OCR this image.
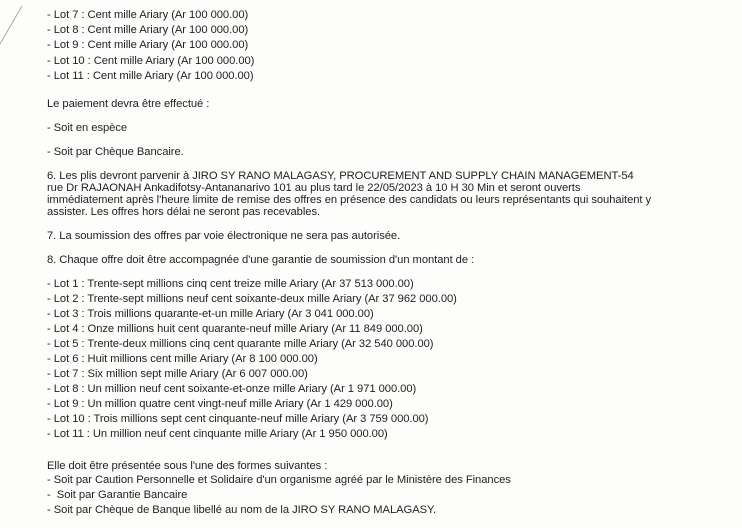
- Lot 7 : Cent mille Ariary (Ar 100 000.00)
- Lot 8 : Cent mille Ariary (Ar 100 000.00)
- Lot 9 : Cent mille Ariary (Ar 100 000.00)
- Lot 10 : Cent mille Ariary (Ar 100 000.00)
- Lot 11 : Cent mille Ariary (Ar 100 000.00)
Le paiement devra être effectué :
- Soit en espèce
- Soit par Chèque Bancaire.
6. Les plis devront parvenir à JIRO SY RANO MALAGASY, PROCUREMENT AND SUPPLY CHAIN MANAGEMENT-54
rue Dr RAJAONAH Ankadifotsy-Antananarivo 101 au plus tard le 22/05/2023 à 10 H 30 Min et seront ouverts
immédiatement après l'heure limite de remise des offres en présence des candidats ou leurs représentants qui souhaitent y
assister. Les offres hors délai ne seront pas recevables.
7. La soumission des offres par voie électronique ne sera pas autorisée.
8. Chaque offre doit être accompagnée d'une garantie de soumission d'un montant de :
- Lot 1 : Trente-sept millions cinq cent treize mille Ariary (Ar 37 513 000.00)
- Lot 2 : Trente-sept millions neuf cent soixante-deux mille Ariary (Ar 37 962 000.00)
- Lot 3 : Trois millions quarante-et-un mille Ariary (Ar 3 041 000.00)
- Lot 4 : Onze millions huit cent quarante-neuf mille Ariary (Ar 11 849 000.00)
- Lot 5 : Trente-deux millions cinq cent quarante mille Ariary (Ar 32 540 000.00)
- Lot 6 : Huit millions cent mille Ariary (Ar 8 100 000.00)
- Lot 7 : Six million sept mille Ariary (Ar 6 007 000.00)
- Lot 8 : Un million neuf cent soixante-et-onze mille Ariary (Ar 1 971 000.00)
- Lot 9 : Un million quatre cent vingt-neuf mille Ariary (Ar 1 429 000.00)
- Lot 10 : Trois millions sept cent cinquante-neuf mille Ariary (Ar 3 759 000.00)
- Lot 11 : Un million neuf cent cinquante mille Ariary (Ar 1 950 000.00)
Elle doit être présentée sous l'une des formes suivantes :
- Soit par Caution Personnelle et Solidaire d'un organisme agréé par le Ministère des Finances
-  Soit par Garantie Bancaire
- Soit par Chèque de Banque libellé au nom de la JIRO SY RANO MALAGASY.
